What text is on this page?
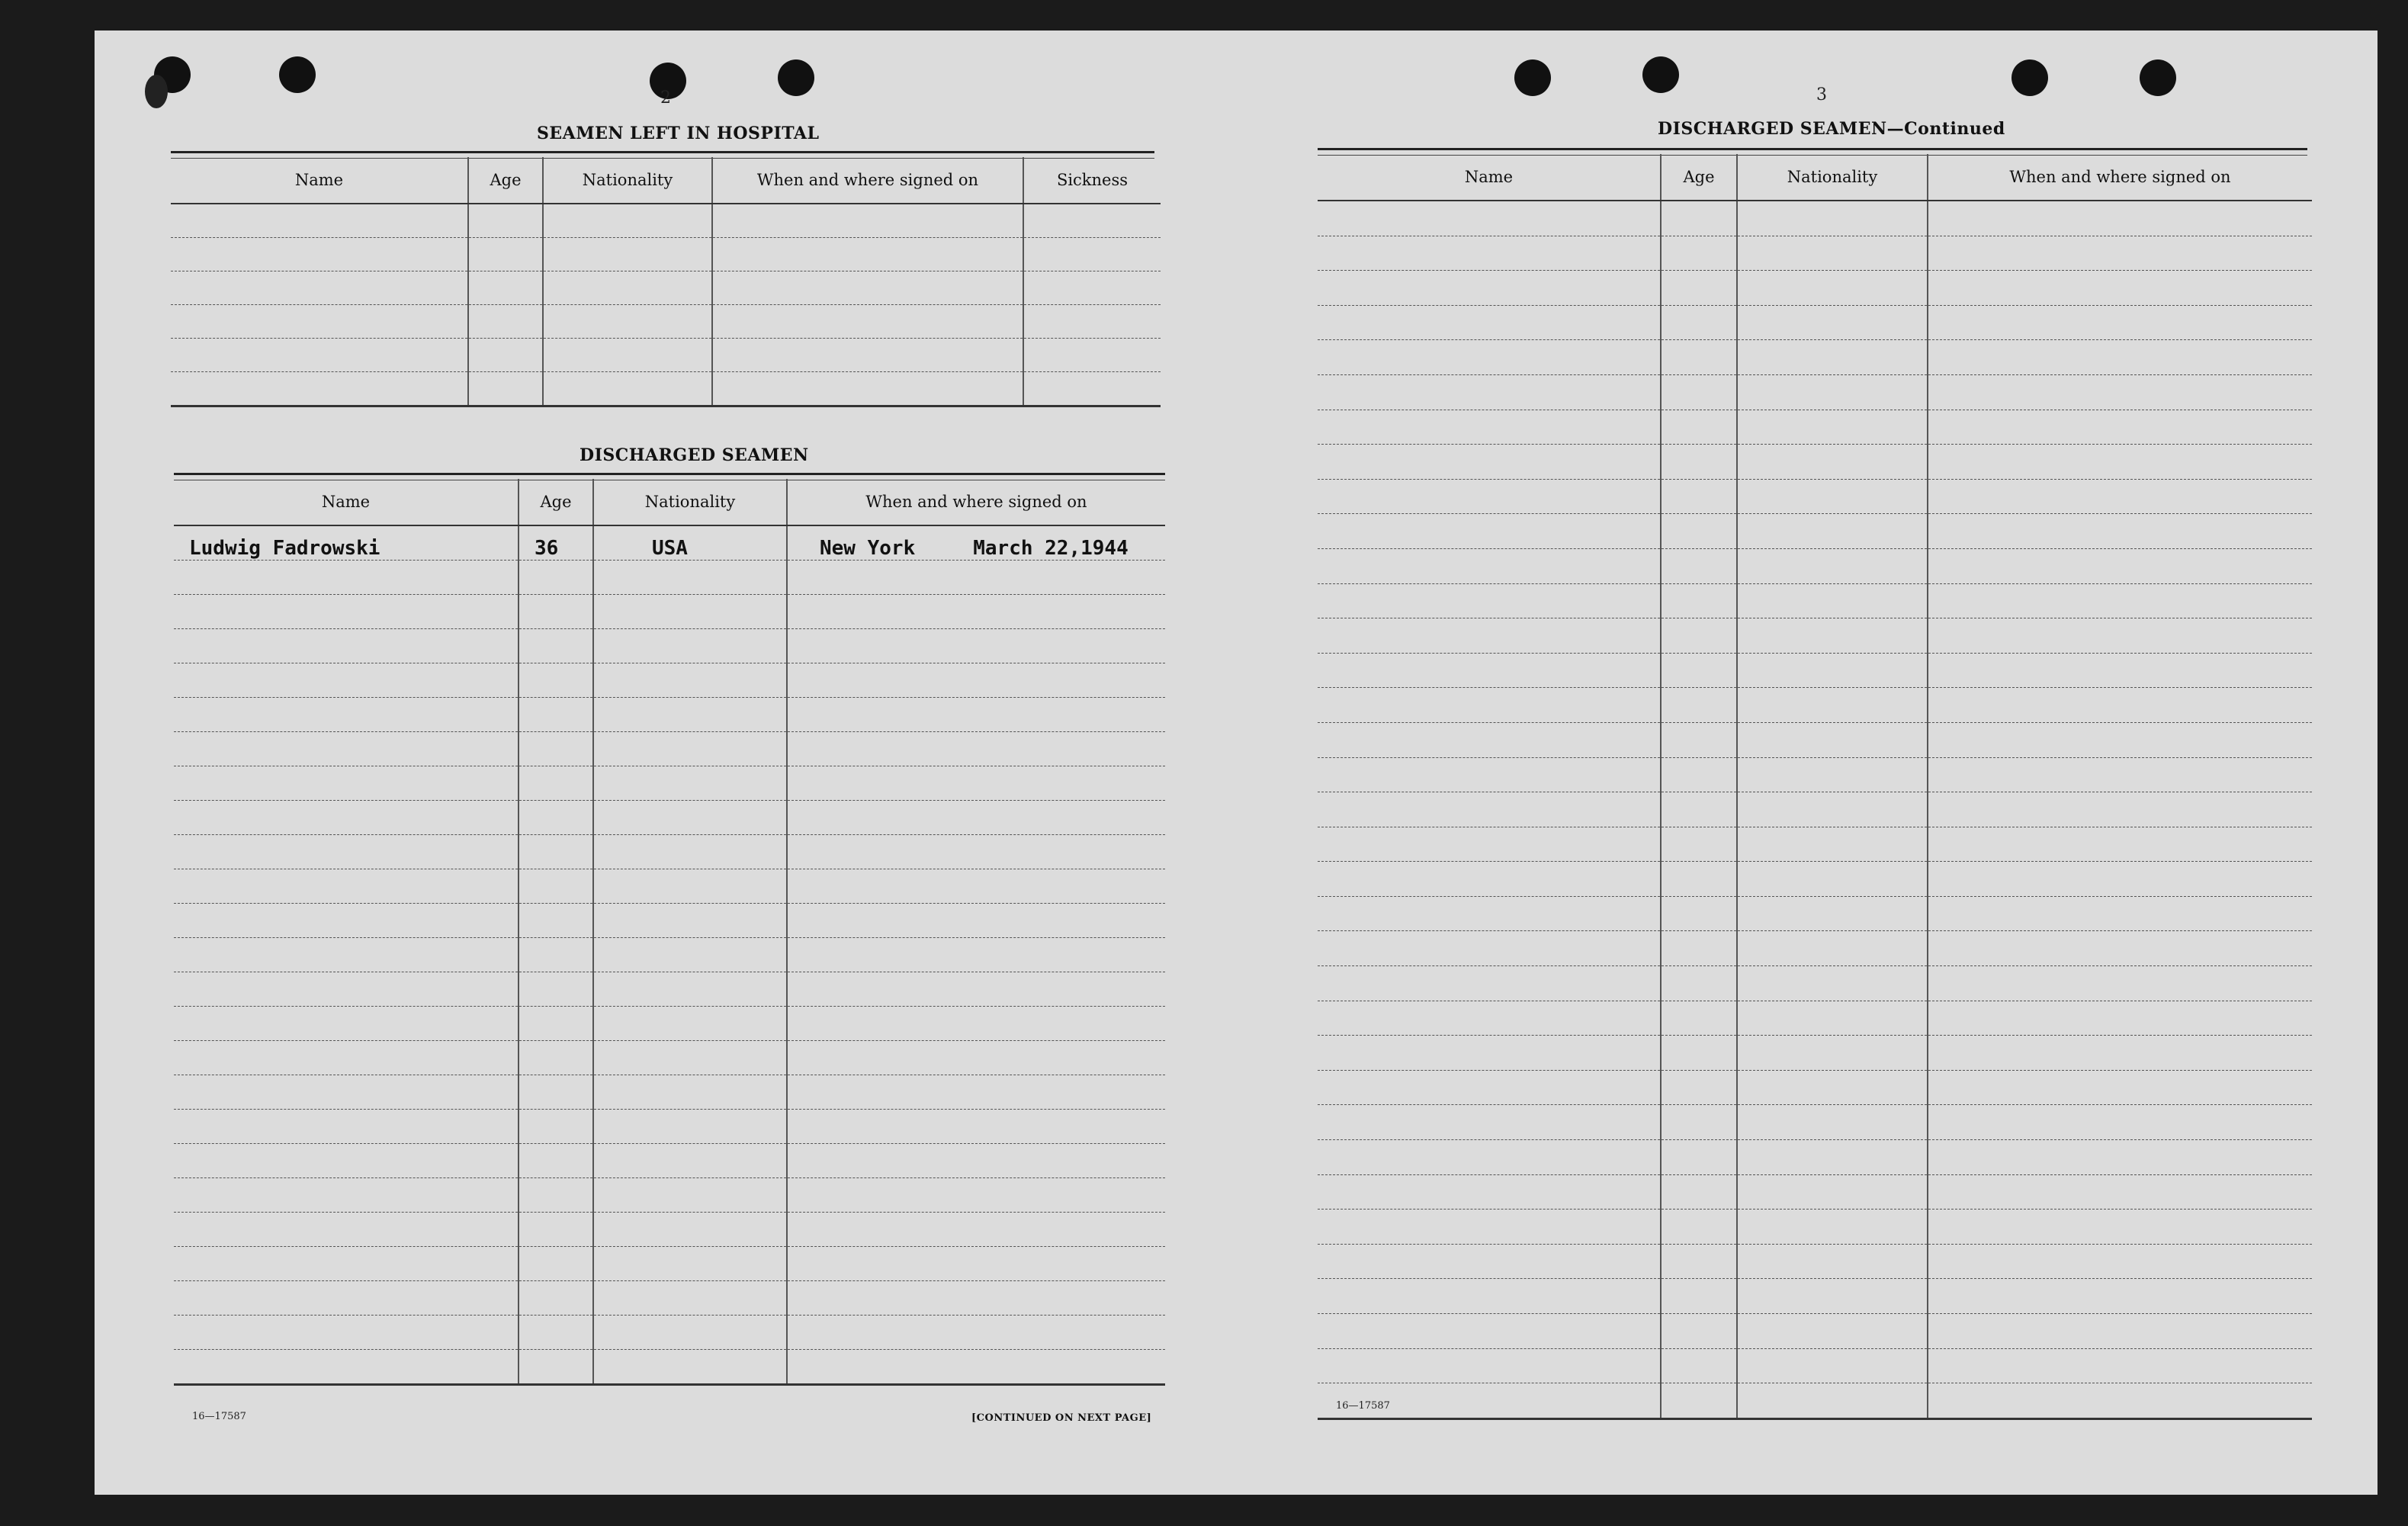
2
SEAMEN LEFT IN HOSPITAL
Name	Age	Nationality	When and where signed on	Sickness

DISCHARGED SEAMEN
Name	Age	Nationality	When and where signed on
Ludwig Fadrowski	36	USA	New York March 22,1944

16—17587	[CONTINUED ON NEXT PAGE]
3
DISCHARGED SEAMEN—Continued
Name	Age	Nationality	When and where signed on

16—17587
